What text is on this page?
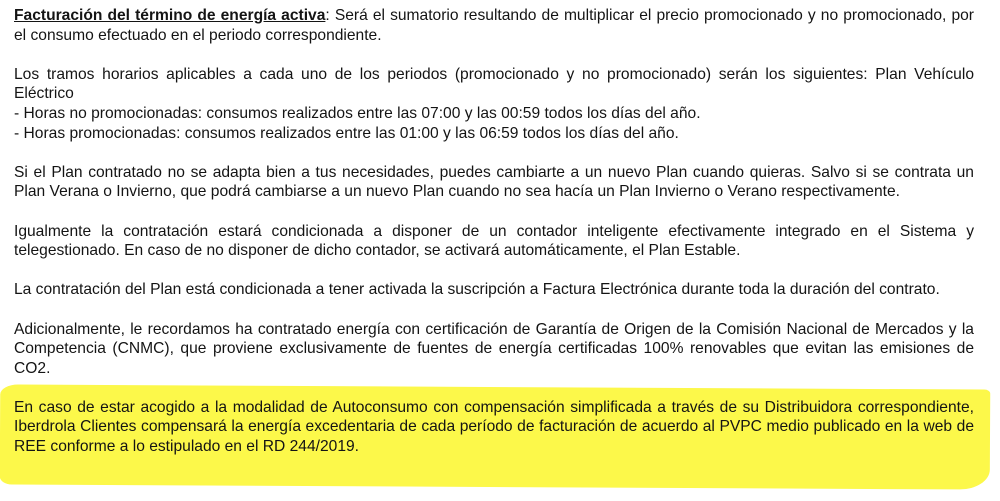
Facturación del término de energía activa: Será el sumatorio resultando de multiplicar el precio promocionado y no promocionado, por el consumo efectuado en el periodo correspondiente.

Los tramos horarios aplicables a cada uno de los periodos (promocionado y no promocionado) serán los siguientes: Plan Vehículo Eléctrico
- Horas no promocionadas: consumos realizados entre las 07:00 y las 00:59 todos los días del año.
- Horas promocionadas: consumos realizados entre las 01:00 y las 06:59 todos los días del año.

Si el Plan contratado no se adapta bien a tus necesidades, puedes cambiarte a un nuevo Plan cuando quieras. Salvo si se contrata un Plan Verana o Invierno, que podrá cambiarse a un nuevo Plan cuando no sea hacía un Plan Invierno o Verano respectivamente.

Igualmente la contratación estará condicionada a disponer de un contador inteligente efectivamente integrado en el Sistema y telegestionado. En caso de no disponer de dicho contador, se activará automáticamente, el Plan Estable.

La contratación del Plan está condicionada a tener activada la suscripción a Factura Electrónica durante toda la duración del contrato.

Adicionalmente, le recordamos ha contratado energía con certificación de Garantía de Origen de la Comisión Nacional de Mercados y la Competencia (CNMC), que proviene exclusivamente de fuentes de energía certificadas 100% renovables que evitan las emisiones de CO2.

En caso de estar acogido a la modalidad de Autoconsumo con compensación simplificada a través de su Distribuidora correspondiente, Iberdrola Clientes compensará la energía excedentaria de cada período de facturación de acuerdo al PVPC medio publicado en la web de REE conforme a lo estipulado en el RD 244/2019.
